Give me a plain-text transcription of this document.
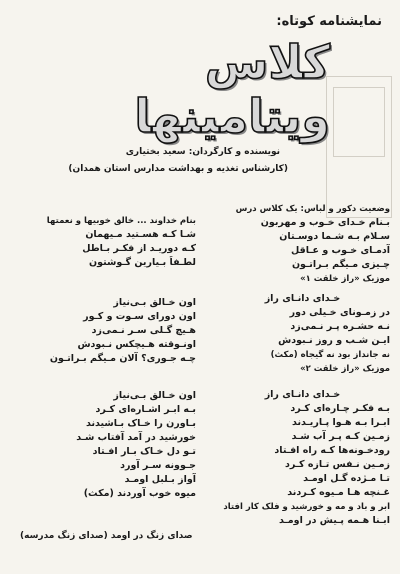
نمایشنامه کوتاه:
کلاس ویتامینها
نویسنده و کارگردان: سعید بختیاری
(کارشناس تغذیه و بهداشت مدارس استان همدان)
وضعیت دکور و لباس: یک کلاس درس
بـنام خـدای خـوب و مهربون
سـلام بـه شـما دوسـتان
آدمـای خـوب و عـاقل
چـیزی مـیگم بـراتـون
موزیک «راز خلقت ۱»
خـدای دانـای راز
در زمـونای خـیلی دور
نـه حشـره پـر نـمی‌زد
ایـن شـب و روز نـبودش
نه جانداز بود نه گیجاه (مکث)
موزیک «راز خلقت ۲»
خـدای دانـای راز
بـه فکـر چـاره‌ای کـرد
ابـرا بـه هـوا پـاریـدند
زمـین کـه پـر آب شـد
رودخـونه‌ها کـه راه افـتاد
زمـین نـفس تـازه کـرد
تـا مـژده گـل اومـد
غـنچه هـا مـیوه کـردند
ابر و باد و مه و خورشید و فلک کار افتاد
ابـنا هـمه پـیش در اومـد
بنام خداوند ... خالق خوبیها و نعمتها
شـا کـه هسـتید مـیهمان
کـه دوریـد از فکـر بـاطل
لطـفاً بـیارین گـوشتون
اون خـالق بـی‌نیاز
اون دورای سـوت و کـور
هـیچ گـلی سـر نـمی‌زد
اونـوقته هـیچکس نـبودش
چـه جـوری؟ آلان مـیگم بـراتـون
اون خـالق بـی‌نیاز
بـه ابـر اشـاره‌ای کـرد
بـاورن را خـاک بـاشیدند
خورشید در آمد آفتاب شـد
تـو دل خـاک بـار افـتاد
جـوونه سـر آورد
آواز بـلبل اومـد
میوه خوب آوردند (مکث)
صدای زنگ در اومد (صدای زنگ مدرسه)
